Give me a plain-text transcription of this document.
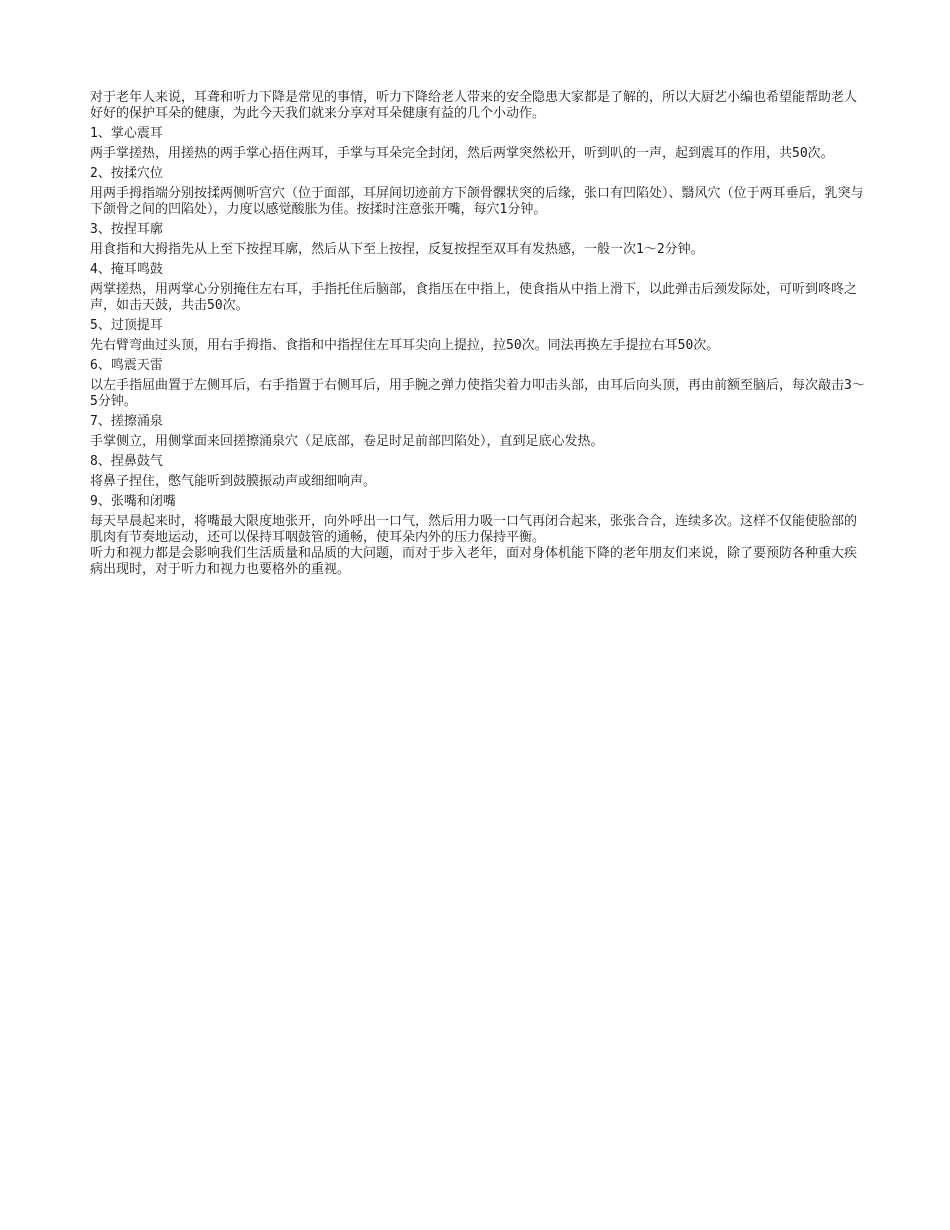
对于老年人来说，耳聋和听力下降是常见的事情，听力下降给老人带来的安全隐患大家都是了解的，所以大厨艺小编也希望能帮助老人好好的保护耳朵的健康，为此今天我们就来分享对耳朵健康有益的几个小动作。

1、掌心震耳

两手掌搓热，用搓热的两手掌心捂住两耳，手掌与耳朵完全封闭，然后两掌突然松开，听到叭的一声，起到震耳的作用，共50次。

2、按揉穴位

用两手拇指端分别按揉两侧听宫穴（位于面部，耳屏间切迹前方下颌骨髁状突的后缘，张口有凹陷处）、翳风穴（位于两耳垂后，乳突与下颌骨之间的凹陷处），力度以感觉酸胀为佳。按揉时注意张开嘴，每穴1分钟。

3、按捏耳廓

用食指和大拇指先从上至下按捏耳廓，然后从下至上按捏，反复按捏至双耳有发热感，一般一次1～2分钟。

4、掩耳鸣鼓

两掌搓热，用两掌心分别掩住左右耳，手指托住后脑部，食指压在中指上，使食指从中指上滑下，以此弹击后颈发际处，可听到咚咚之声，如击天鼓，共击50次。

5、过顶提耳

先右臂弯曲过头顶，用右手拇指、食指和中指捏住左耳耳尖向上提拉，拉50次。同法再换左手提拉右耳50次。

6、鸣震天雷

以左手指屈曲置于左侧耳后，右手指置于右侧耳后，用手腕之弹力使指尖着力叩击头部，由耳后向头顶，再由前额至脑后，每次敲击3～5分钟。

7、搓擦涌泉

手掌侧立，用侧掌面来回搓擦涌泉穴（足底部，卷足时足前部凹陷处），直到足底心发热。

8、捏鼻鼓气

将鼻子捏住，憋气能听到鼓膜振动声或细细响声。

9、张嘴和闭嘴

每天早晨起来时，将嘴最大限度地张开，向外呼出一口气，然后用力吸一口气再闭合起来，张张合合，连续多次。这样不仅能使脸部的肌肉有节奏地运动，还可以保持耳咽鼓管的通畅，使耳朵内外的压力保持平衡。

听力和视力都是会影响我们生活质量和品质的大问题，而对于步入老年，面对身体机能下降的老年朋友们来说，除了要预防各种重大疾病出现时，对于听力和视力也要格外的重视。
